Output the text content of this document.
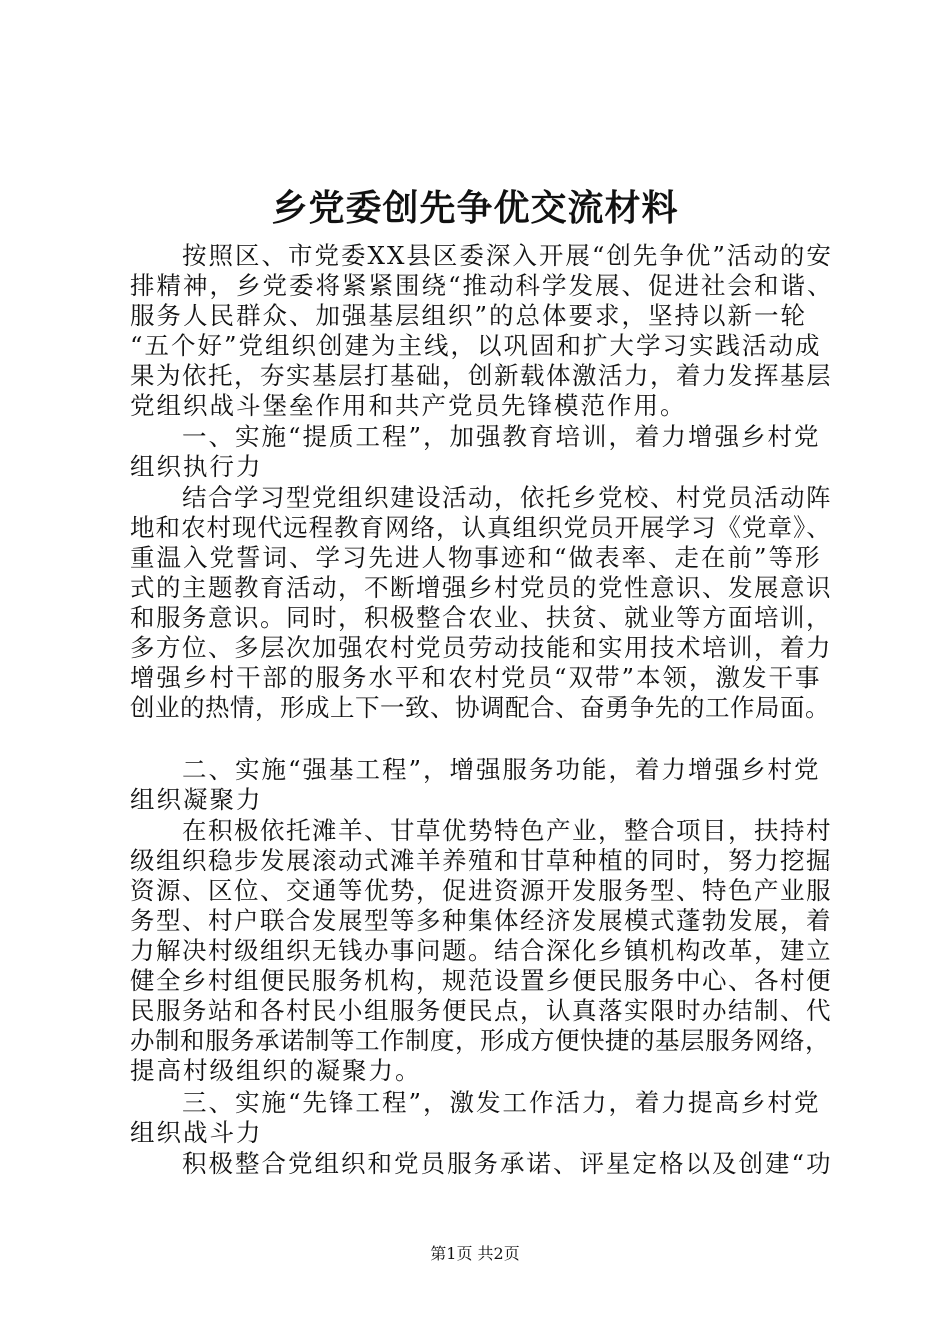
乡党委创先争优交流材料
按照区、市党委XX县区委深入开展“创先争优”活动的安
排精神，乡党委将紧紧围绕“推动科学发展、促进社会和谐、
服务人民群众、加强基层组织”的总体要求，坚持以新一轮
“五个好”党组织创建为主线，以巩固和扩大学习实践活动成
果为依托，夯实基层打基础，创新载体激活力，着力发挥基层
党组织战斗堡垒作用和共产党员先锋模范作用。
一、实施“提质工程”，加强教育培训，着力增强乡村党
组织执行力
结合学习型党组织建设活动，依托乡党校、村党员活动阵
地和农村现代远程教育网络，认真组织党员开展学习《党章》、
重温入党誓词、学习先进人物事迹和“做表率、走在前”等形
式的主题教育活动，不断增强乡村党员的党性意识、发展意识
和服务意识。同时，积极整合农业、扶贫、就业等方面培训，
多方位、多层次加强农村党员劳动技能和实用技术培训，着力
增强乡村干部的服务水平和农村党员“双带”本领，激发干事
创业的热情，形成上下一致、协调配合、奋勇争先的工作局面。
二、实施“强基工程”，增强服务功能，着力增强乡村党
组织凝聚力
在积极依托滩羊、甘草优势特色产业，整合项目，扶持村
级组织稳步发展滚动式滩羊养殖和甘草种植的同时，努力挖掘
资源、区位、交通等优势，促进资源开发服务型、特色产业服
务型、村户联合发展型等多种集体经济发展模式蓬勃发展，着
力解决村级组织无钱办事问题。结合深化乡镇机构改革，建立
健全乡村组便民服务机构，规范设置乡便民服务中心、各村便
民服务站和各村民小组服务便民点，认真落实限时办结制、代
办制和服务承诺制等工作制度，形成方便快捷的基层服务网络，
提高村级组织的凝聚力。
三、实施“先锋工程”，激发工作活力，着力提高乡村党
组织战斗力
积极整合党组织和党员服务承诺、评星定格以及创建“功
第1页 共2页
